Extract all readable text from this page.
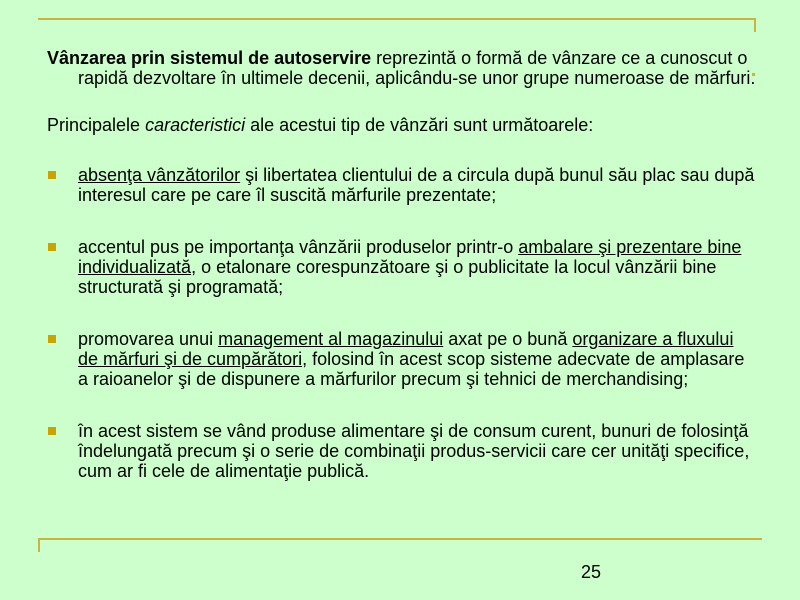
Vânzarea prin sistemul de autoservire reprezintă o formă de vânzare ce a cunoscut o rapidă dezvoltare în ultimele decenii, aplicându-se unor grupe numeroase de mărfuri.

Principalele caracteristici ale acestui tip de vânzări sunt următoarele:

absenţa vânzătorilor şi libertatea clientului de a circula după bunul său plac sau după interesul care pe care îl suscită mărfurile prezentate;
accentul pus pe importanţa vânzării produselor printr-o ambalare şi prezentare bine individualizată, o etalonare corespunzătoare şi o publicitate la locul vânzării bine structurată şi programată;
promovarea unui management al magazinului axat pe o bună organizare a fluxului de mărfuri şi de cumpărători, folosind în acest scop sisteme adecvate de amplasare a raioanelor şi de dispunere a mărfurilor precum şi tehnici de merchandising;
în acest sistem se vând produse alimentare şi de consum curent, bunuri de folosinţă îndelungată precum şi o serie de combinaţii produs-servicii care cer unităţi specifice, cum ar fi cele de alimentaţie publică.
25
